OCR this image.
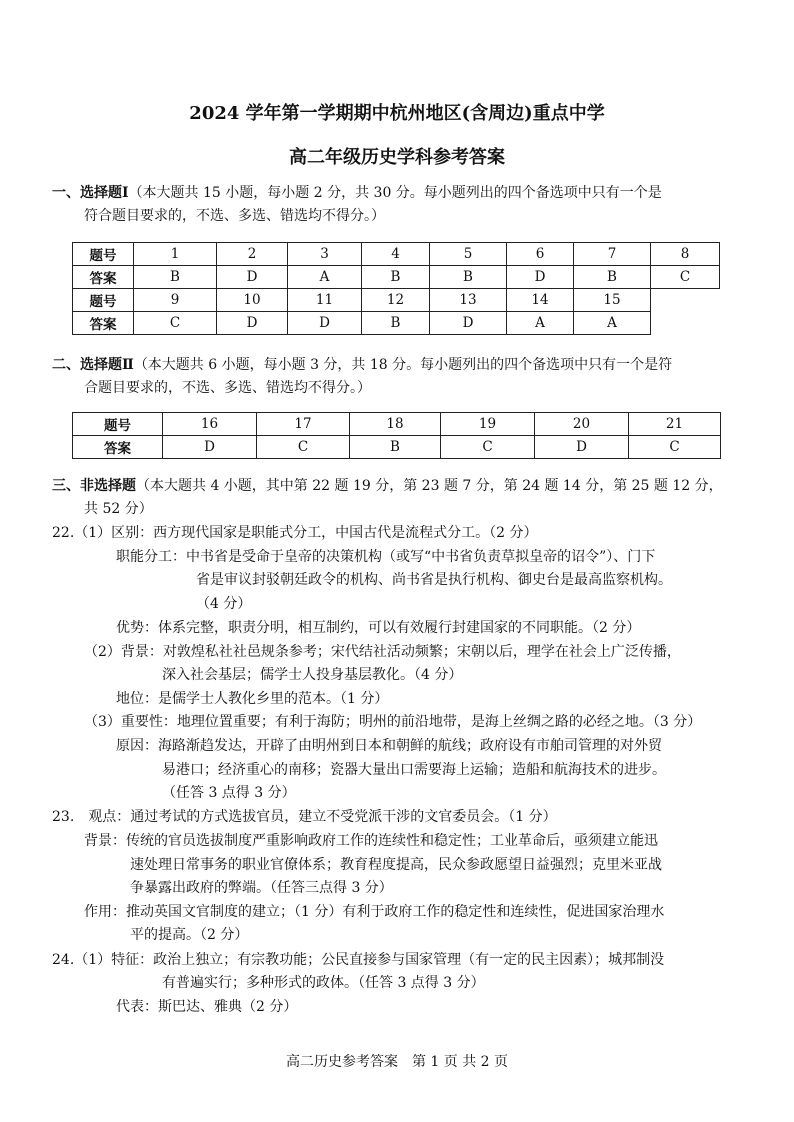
2024 学年第一学期期中杭州地区(含周边)重点中学
高二年级历史学科参考答案
一、选择题Ⅰ（本大题共 15 小题，每小题 2 分，共 30 分。每小题列出的四个备选项中只有一个是
符合题目要求的，不选、多选、错选均不得分。）
题号	1	2	3	4	5	6	7	8
答案	B	D	A	B	B	D	B	C
题号	9	10	11	12	13	14	15	
答案	C	D	D	B	D	A	A	
二、选择题Ⅱ（本大题共 6 小题，每小题 3 分，共 18 分。每小题列出的四个备选项中只有一个是符
合题目要求的，不选、多选、错选均不得分。）
题号	16	17	18	19	20	21
答案	D	C	B	C	D	C
三、非选择题（本大题共 4 小题，其中第 22 题 19 分，第 23 题 7 分，第 24 题 14 分，第 25 题 12 分，
共 52 分）
22.（1）区别：西方现代国家是职能式分工，中国古代是流程式分工。（2 分）
职能分工：中书省是受命于皇帝的决策机构（或写“中书省负责草拟皇帝的诏令”）、门下
省是审议封驳朝廷政令的机构、尚书省是执行机构、御史台是最高监察机构。
（4 分）
优势：体系完整，职责分明，相互制约，可以有效履行封建国家的不同职能。（2 分）
（2）背景：对敦煌私社社邑规条参考；宋代结社活动频繁；宋朝以后，理学在社会上广泛传播，
深入社会基层；儒学士人投身基层教化。（4 分）
地位：是儒学士人教化乡里的范本。（1 分）
（3）重要性：地理位置重要；有利于海防；明州的前沿地带，是海上丝绸之路的必经之地。（3 分）
原因：海路渐趋发达，开辟了由明州到日本和朝鲜的航线；政府设有市舶司管理的对外贸
易港口；经济重心的南移；瓷器大量出口需要海上运输；造船和航海技术的进步。
（任答 3 点得 3 分）
23.　观点：通过考试的方式选拔官员，建立不受党派干涉的文官委员会。（1 分）
背景：传统的官员选拔制度严重影响政府工作的连续性和稳定性；工业革命后，亟须建立能迅
速处理日常事务的职业官僚体系；教育程度提高，民众参政愿望日益强烈；克里米亚战
争暴露出政府的弊端。（任答三点得 3 分）
作用：推动英国文官制度的建立；（1 分）有利于政府工作的稳定性和连续性，促进国家治理水
平的提高。（2 分）
24.（1）特征：政治上独立；有宗教功能；公民直接参与国家管理（有一定的民主因素）；城邦制没
有普遍实行；多种形式的政体。（任答 3 点得 3 分）
代表：斯巴达、雅典（2 分）
高二历史参考答案　第 1 页 共 2 页
